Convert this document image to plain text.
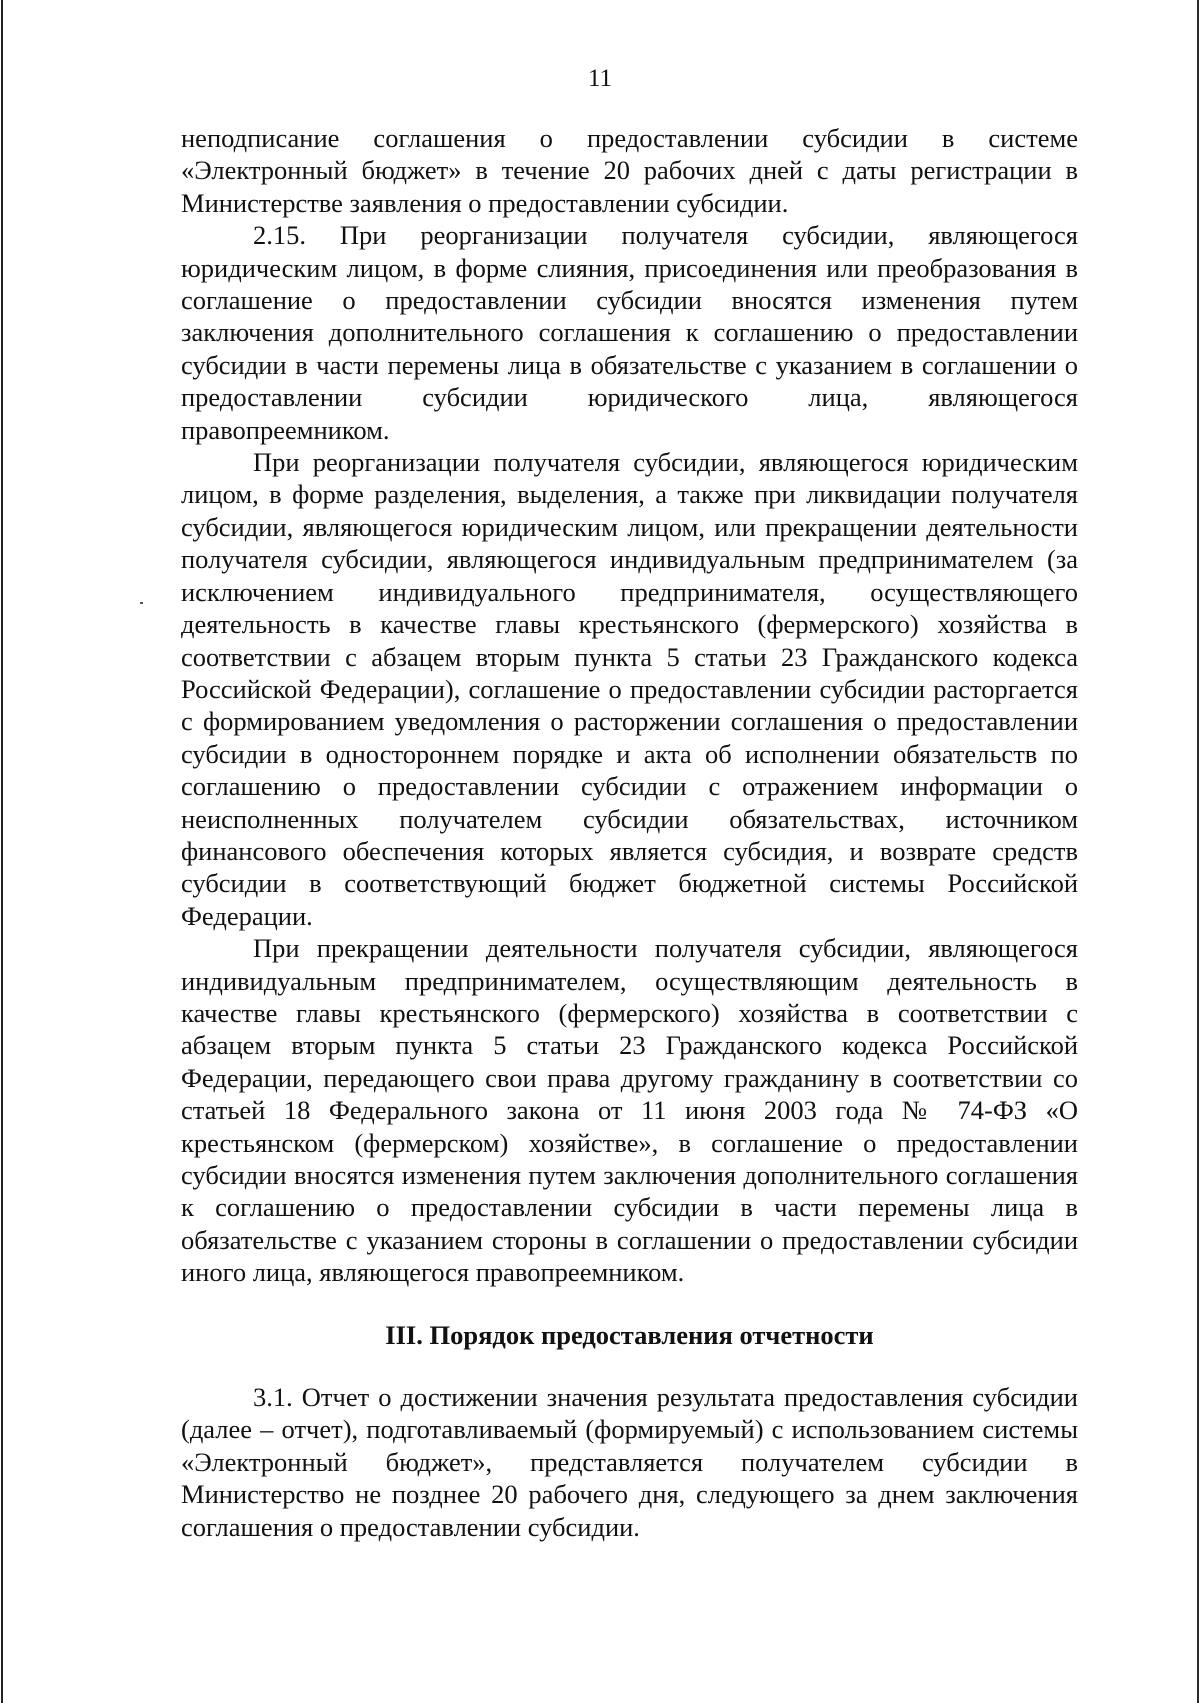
11

неподписание соглашения о предоставлении субсидии в системе «Электронный бюджет» в течение 20 рабочих дней с даты регистрации в Министерстве заявления о предоставлении субсидии.

2.15. При реорганизации получателя субсидии, являющегося юридическим лицом, в форме слияния, присоединения или преобразования в соглашение о предоставлении субсидии вносятся изменения путем заключения дополнительного соглашения к соглашению о предоставлении субсидии в части перемены лица в обязательстве с указанием в соглашении о предоставлении субсидии юридического лица, являющегося правопреемником.

При реорганизации получателя субсидии, являющегося юридическим лицом, в форме разделения, выделения, а также при ликвидации получателя субсидии, являющегося юридическим лицом, или прекращении деятельности получателя субсидии, являющегося индивидуальным предпринимателем (за исключением индивидуального предпринимателя, осуществляющего деятельность в качестве главы крестьянского (фермерского) хозяйства в соответствии с абзацем вторым пункта 5 статьи 23 Гражданского кодекса Российской Федерации), соглашение о предоставлении субсидии расторгается с формированием уведомления о расторжении соглашения о предоставлении субсидии в одностороннем порядке и акта об исполнении обязательств по соглашению о предоставлении субсидии с отражением информации о неисполненных получателем субсидии обязательствах, источником финансового обеспечения которых является субсидия, и возврате средств субсидии в соответствующий бюджет бюджетной системы Российской Федерации.

При прекращении деятельности получателя субсидии, являющегося индивидуальным предпринимателем, осуществляющим деятельность в качестве главы крестьянского (фермерского) хозяйства в соответствии с абзацем вторым пункта 5 статьи 23 Гражданского кодекса Российской Федерации, передающего свои права другому гражданину в соответствии со статьей 18 Федерального закона от 11 июня 2003 года № 74-ФЗ «О крестьянском (фермерском) хозяйстве», в соглашение о предоставлении субсидии вносятся изменения путем заключения дополнительного соглашения к соглашению о предоставлении субсидии в части перемены лица в обязательстве с указанием стороны в соглашении о предоставлении субсидии иного лица, являющегося правопреемником.

III. Порядок предоставления отчетности

3.1. Отчет о достижении значения результата предоставления субсидии (далее – отчет), подготавливаемый (формируемый) с использованием системы «Электронный бюджет», представляется получателем субсидии в Министерство не позднее 20 рабочего дня, следующего за днем заключения соглашения о предоставлении субсидии.
